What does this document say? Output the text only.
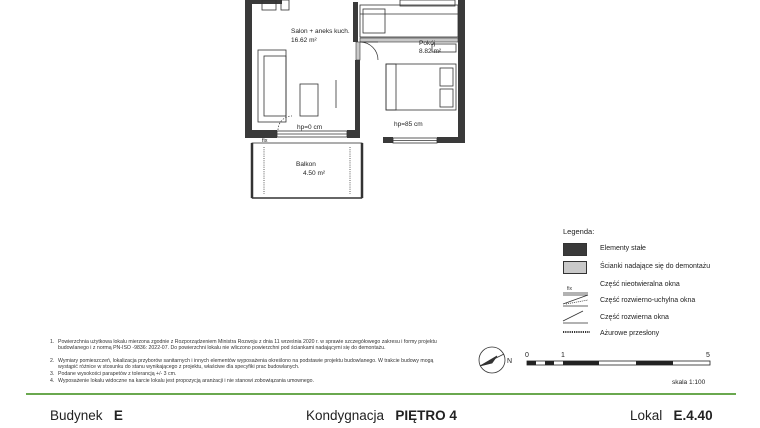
Salon + aneks kuch.
16.62 m²	Pokój
8.82 m²
Balkon
4.50 m²
hp=0 cm	hp=85 cm
fix
fix
N
Legenda:
Elementy stałe
Ścianki nadające się do demontażu
Część nieotwieralna okna
Część rozwierno-uchylna okna
Część rozwierna okna
Ażurowe przesłony
1. Powierzchnia użytkowa lokalu mierzona zgodnie z Rozporządzeniem Ministra Rozwoju z dnia 11 września 2020 r. w sprawie szczegółowego zakresu i formy projektu budowlanego i z normą PN-ISO -9836: 2022-07. Do powierzchni lokalu nie wliczono powierzchni pod ściankami nadającymi się do demontażu.
2. Wymiary pomieszczeń, lokalizacja przyborów sanitarnych i innych elementów wyposażenia określono na podstawie projektu budowlanego. W trakcie budowy mogą wystąpić różnice w stosunku do stanu wynikającego z projektu, właściwe dla specyfiki prac budowlanych.
3. Podane wysokości parapetów z tolerancją +/- 3 cm.
4. Wyposażenie lokalu widoczne na karcie lokalu jest propozycją aranżacji i nie stanowi zobowiązania umownego.
0	1	5
skala 1:100
Budynek E	Kondygnacja PIĘTRO 4	Lokal E.4.40
